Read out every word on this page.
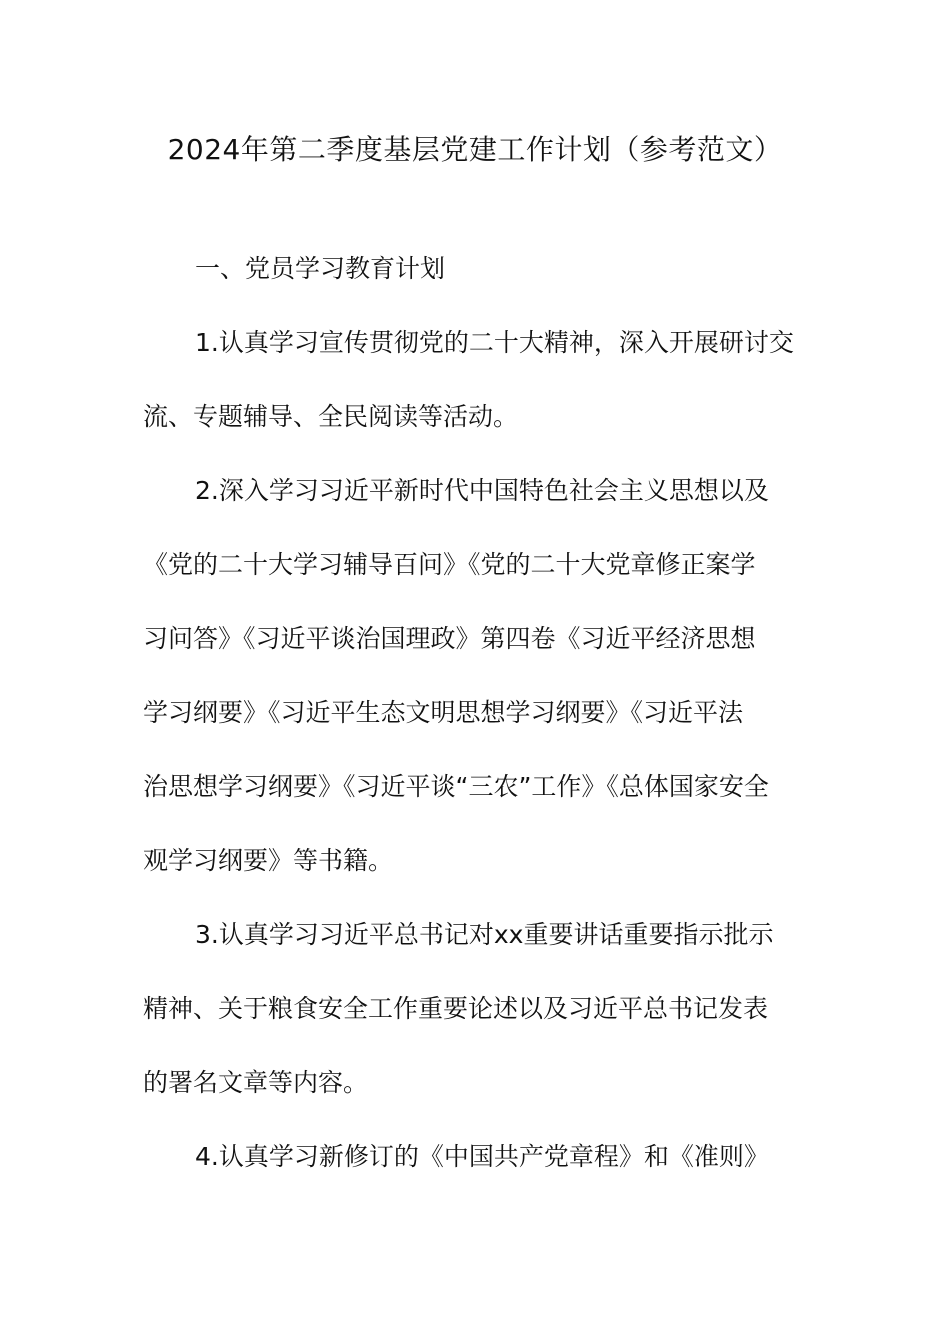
2024年第二季度基层党建工作计划（参考范文）
一、党员学习教育计划
1.认真学习宣传贯彻党的二十大精神，深入开展研讨交
流、专题辅导、全民阅读等活动。
2.深入学习习近平新时代中国特色社会主义思想以及
《党的二十大学习辅导百问》《党的二十大党章修正案学
习问答》《习近平谈治国理政》第四卷《习近平经济思想
学习纲要》《习近平生态文明思想学习纲要》《习近平法
治思想学习纲要》《习近平谈“三农”工作》《总体国家安全
观学习纲要》等书籍。
3.认真学习习近平总书记对xx重要讲话重要指示批示
精神、关于粮食安全工作重要论述以及习近平总书记发表
的署名文章等内容。
4.认真学习新修订的《中国共产党章程》和《准则》
